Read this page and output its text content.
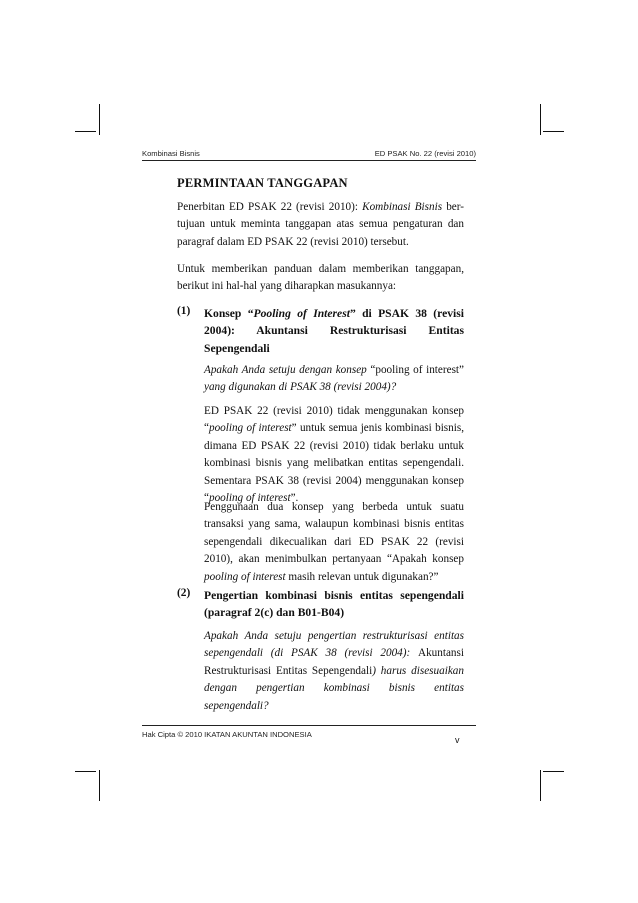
Kombinasi Bisnis	ED PSAK No. 22 (revisi 2010)
PERMINTAAN TANGGAPAN
Penerbitan ED PSAK 22 (revisi 2010): Kombinasi Bisnis ber-tujuan untuk meminta tanggapan atas semua pengaturan dan paragraf dalam ED PSAK 22 (revisi 2010) tersebut.
Untuk memberikan panduan dalam memberikan tanggapan, berikut ini hal-hal yang diharapkan masukannya:
(1) Konsep “Pooling of Interest” di PSAK 38 (revisi 2004): Akuntansi Restrukturisasi Entitas Sepengendali
Apakah Anda setuju dengan konsep “pooling of interest” yang digunakan di PSAK 38 (revisi 2004)?
ED PSAK 22 (revisi 2010) tidak menggunakan konsep “pooling of interest” untuk semua jenis kombinasi bisnis, dimana ED PSAK 22 (revisi 2010) tidak berlaku untuk kombinasi bisnis yang melibatkan entitas sepengendali. Sementara PSAK 38 (revisi 2004) menggunakan konsep “pooling of interest”.
Penggunaan dua konsep yang berbeda untuk suatu transaksi yang sama, walaupun kombinasi bisnis entitas sepengendali dikecualikan dari ED PSAK 22 (revisi 2010), akan menimbulkan pertanyaan “Apakah konsep pooling of interest masih relevan untuk digunakan?”
(2) Pengertian kombinasi bisnis entitas sepengendali (paragraf 2(c) dan B01-B04)
Apakah Anda setuju pengertian restrukturisasi entitas sepengendali (di PSAK 38 (revisi 2004): Akuntansi Restrukturisasi Entitas Sepengendali) harus disesuaikan dengan pengertian kombinasi bisnis entitas sepengendali?
Hak Cipta © 2010 IKATAN AKUNTAN INDONESIA
v
